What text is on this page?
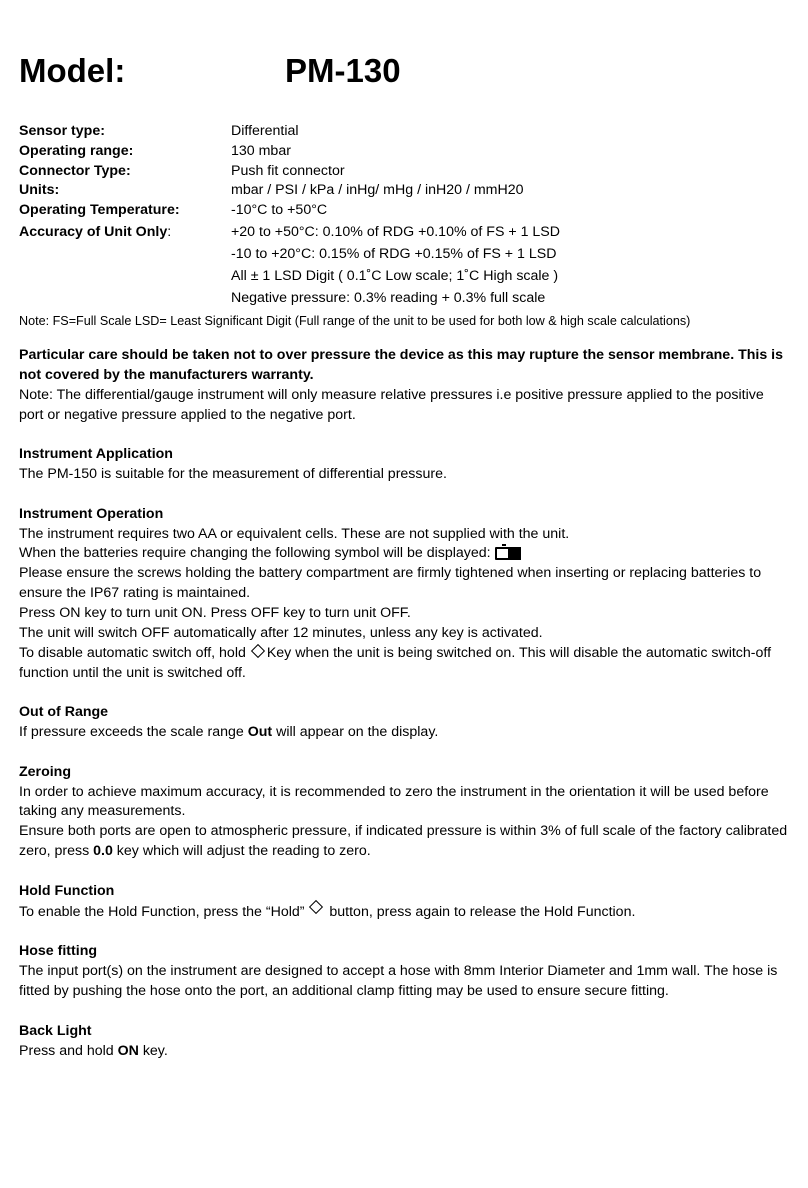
Model:	PM-130
Sensor type:	Differential
Operating range:	130 mbar
Connector Type:	Push fit connector
Units:	mbar / PSI / kPa / inHg/ mHg / inH20 / mmH20
Operating Temperature:	-10°C to +50°C
Accuracy of Unit Only:	+20 to +50°C: 0.10% of RDG +0.10% of FS + 1 LSD
-10 to +20°C: 0.15% of RDG +0.15% of FS + 1 LSD
All ± 1 LSD Digit ( 0.1˚C Low scale; 1˚C High scale )
Negative pressure: 0.3% reading + 0.3% full scale
Note: FS=Full Scale LSD= Least Significant Digit (Full range of the unit to be used for both low & high scale calculations)

Particular care should be taken not to over pressure the device as this may rupture the sensor membrane. This is not covered by the manufacturers warranty.

Note: The differential/gauge instrument will only measure relative pressures i.e positive pressure applied to the positive port or negative pressure applied to the negative port.

Instrument Application

The PM-150 is suitable for the measurement of differential pressure.

Instrument Operation

The instrument requires two AA or equivalent cells. These are not supplied with the unit.

When the batteries require changing the following symbol will be displayed:

Please ensure the screws holding the battery compartment are firmly tightened when inserting or replacing batteries to ensure the IP67 rating is maintained.

Press ON key to turn unit ON. Press OFF key to turn unit OFF.

The unit will switch OFF automatically after 12 minutes, unless any key is activated.

To disable automatic switch off, hold Key when the unit is being switched on. This will disable the automatic switch-off function until the unit is switched off.

Out of Range

If pressure exceeds the scale range Out will appear on the display.

Zeroing

In order to achieve maximum accuracy, it is recommended to zero the instrument in the orientation it will be used before taking any measurements.

Ensure both ports are open to atmospheric pressure, if indicated pressure is within 3% of full scale of the factory calibrated zero, press 0.0 key which will adjust the reading to zero.

Hold Function

To enable the Hold Function, press the “Hold” button, press again to release the Hold Function.

Hose fitting

The input port(s) on the instrument are designed to accept a hose with 8mm Interior Diameter and 1mm wall. The hose is fitted by pushing the hose onto the port, an additional clamp fitting may be used to ensure secure fitting.

Back Light

Press and hold ON key.
